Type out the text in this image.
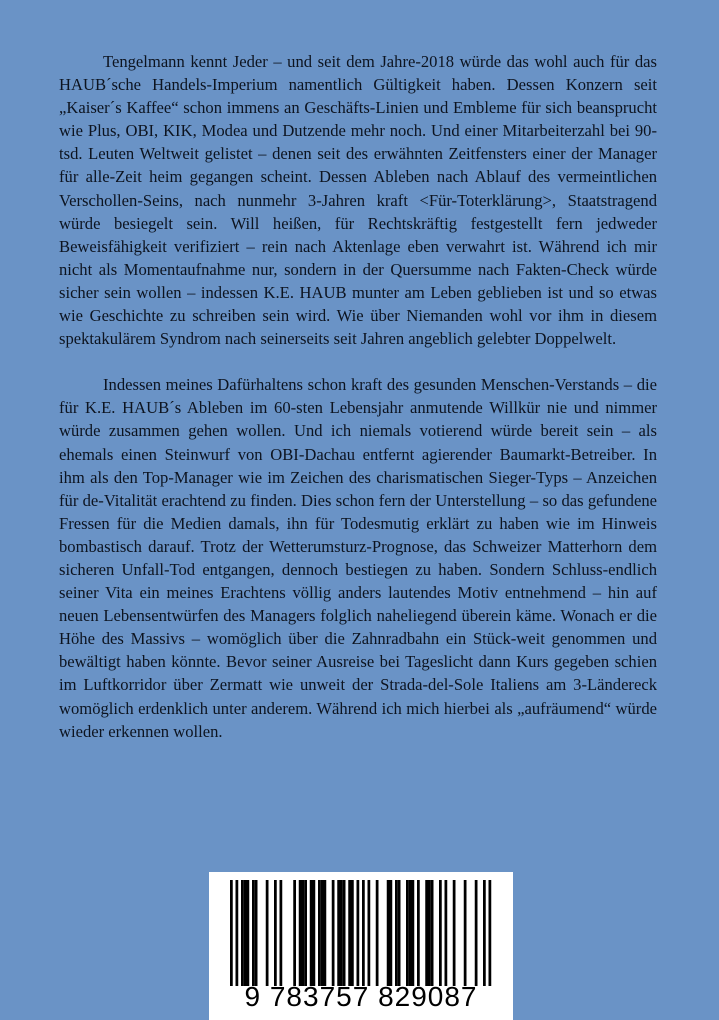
Tengelmann kennt Jeder – und seit dem Jahre-2018 würde das wohl auch für das HAUB´sche Handels-Imperium namentlich Gültigkeit haben. Dessen Konzern seit „Kaiser´s Kaffee“ schon immens an Geschäfts-Linien und Embleme für sich beansprucht wie Plus, OBI, KIK, Modea und Dutzende mehr noch. Und einer Mitarbeiterzahl bei 90-tsd. Leuten Weltweit gelistet – denen seit des erwähnten Zeitfensters einer der Manager für alle-Zeit heim gegangen scheint. Dessen Ableben nach Ablauf des vermeintlichen Verschollen-Seins, nach nunmehr 3-Jahren kraft <Für-Toterklärung>, Staatstragend würde besiegelt sein. Will heißen, für Rechtskräftig festgestellt fern jedweder Beweisfähigkeit verifiziert – rein nach Aktenlage eben verwahrt ist. Während ich mir nicht als Momentaufnahme nur, sondern in der Quersumme nach Fakten-Check würde sicher sein wollen – indessen K.E. HAUB munter am Leben geblieben ist und so etwas wie Geschichte zu schreiben sein wird. Wie über Niemanden wohl vor ihm in diesem spektakulärem Syndrom nach seinerseits seit Jahren angeblich gelebter Doppelwelt.

Indessen meines Dafürhaltens schon kraft des gesunden Menschen-Verstands – die für K.E. HAUB´s Ableben im 60-sten Lebensjahr anmutende Willkür nie und nimmer würde zusammen gehen wollen. Und ich niemals votierend würde bereit sein – als ehemals einen Steinwurf von OBI-Dachau entfernt agierender Baumarkt-Betreiber. In ihm als den Top-Manager wie im Zeichen des charismatischen Sieger-Typs – Anzeichen für de-Vitalität erachtend zu finden. Dies schon fern der Unterstellung – so das gefundene Fressen für die Medien damals, ihn für Todesmutig erklärt zu haben wie im Hinweis bombastisch darauf. Trotz der Wetterumsturz-Prognose, das Schweizer Matterhorn dem sicheren Unfall-Tod entgangen, dennoch bestiegen zu haben. Sondern Schluss-endlich seiner Vita ein meines Erachtens völlig anders lautendes Motiv entnehmend – hin auf neuen Lebensentwürfen des Managers folglich naheliegend überein käme. Wonach er die Höhe des Massivs – womöglich über die Zahnradbahn ein Stück-weit genommen und bewältigt haben könnte. Bevor seiner Ausreise bei Tageslicht dann Kurs gegeben schien im Luftkorridor über Zermatt wie unweit der Strada-del-Sole Italiens am 3-Ländereck womöglich erdenklich unter anderem. Während ich mich hierbei als „aufräumend“ würde wieder erkennen wollen.

9 783757 829087
